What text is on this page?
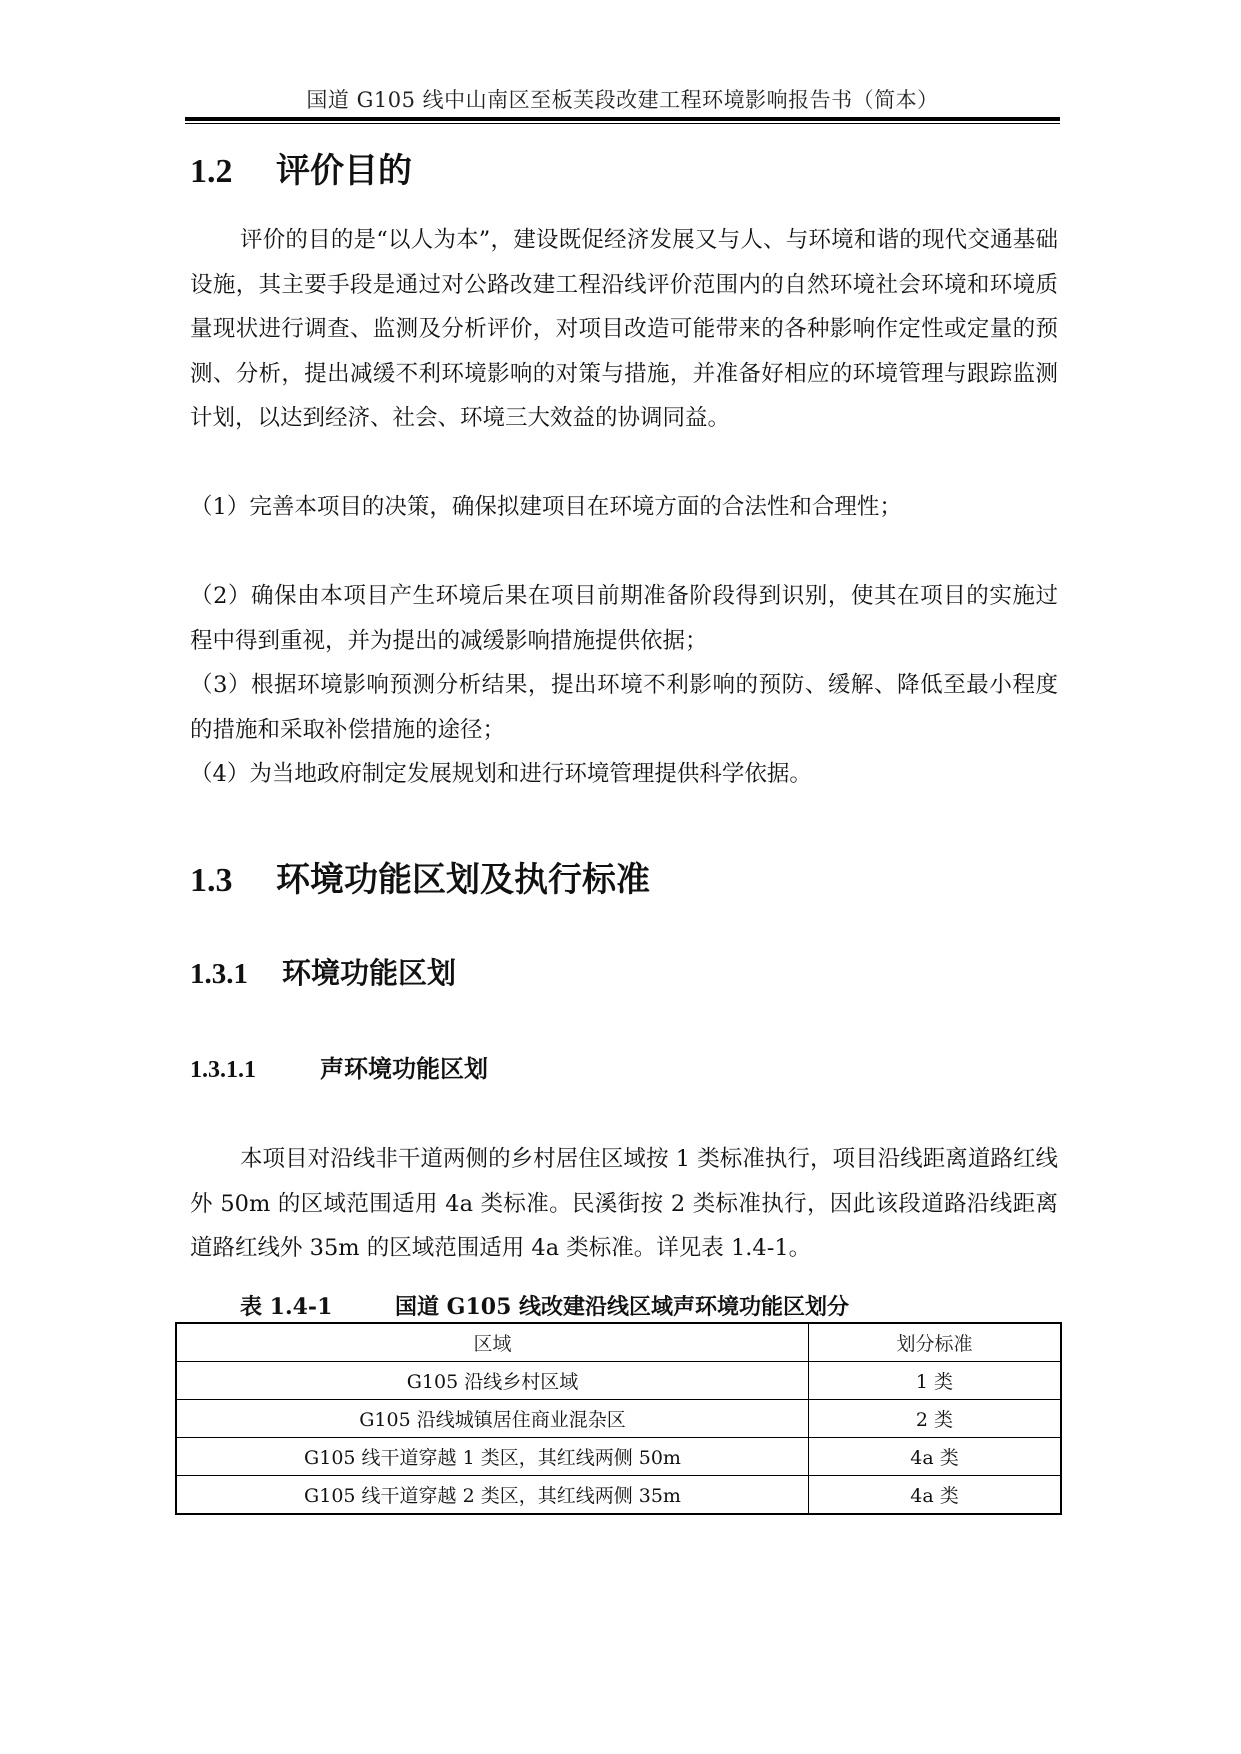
国道 G105 线中山南区至板芙段改建工程环境影响报告书（简本）
1.2 评价目的

评价的目的是“以人为本”，建设既促经济发展又与人、与环境和谐的现代交通基础设施，其主要手段是通过对公路改建工程沿线评价范围内的自然环境社会环境和环境质量现状进行调查、监测及分析评价，对项目改造可能带来的各种影响作定性或定量的预测、分析，提出减缓不利环境影响的对策与措施，并准备好相应的环境管理与跟踪监测计划，以达到经济、社会、环境三大效益的协调同益。

（1）完善本项目的决策，确保拟建项目在环境方面的合法性和合理性；

（2）确保由本项目产生环境后果在项目前期准备阶段得到识别，使其在项目的实施过程中得到重视，并为提出的减缓影响措施提供依据；

（3）根据环境影响预测分析结果，提出环境不利影响的预防、缓解、降低至最小程度的措施和采取补偿措施的途径；

（4）为当地政府制定发展规划和进行环境管理提供科学依据。

1.3 环境功能区划及执行标准
1.3.1 环境功能区划
1.3.1.1	声环境功能区划

本项目对沿线非干道两侧的乡村居住区域按 1 类标准执行，项目沿线距离道路红线外 50m 的区域范围适用 4a 类标准。民溪街按 2 类标准执行，因此该段道路沿线距离道路红线外 35m 的区域范围适用 4a 类标准。详见表 1.4-1。

表 1.4-1	国道 G105 线改建沿线区域声环境功能区划分
区域	划分标准
G105 沿线乡村区域	1 类
G105 沿线城镇居住商业混杂区	2 类
G105 线干道穿越 1 类区，其红线两侧 50m	4a 类
G105 线干道穿越 2 类区，其红线两侧 35m	4a 类
